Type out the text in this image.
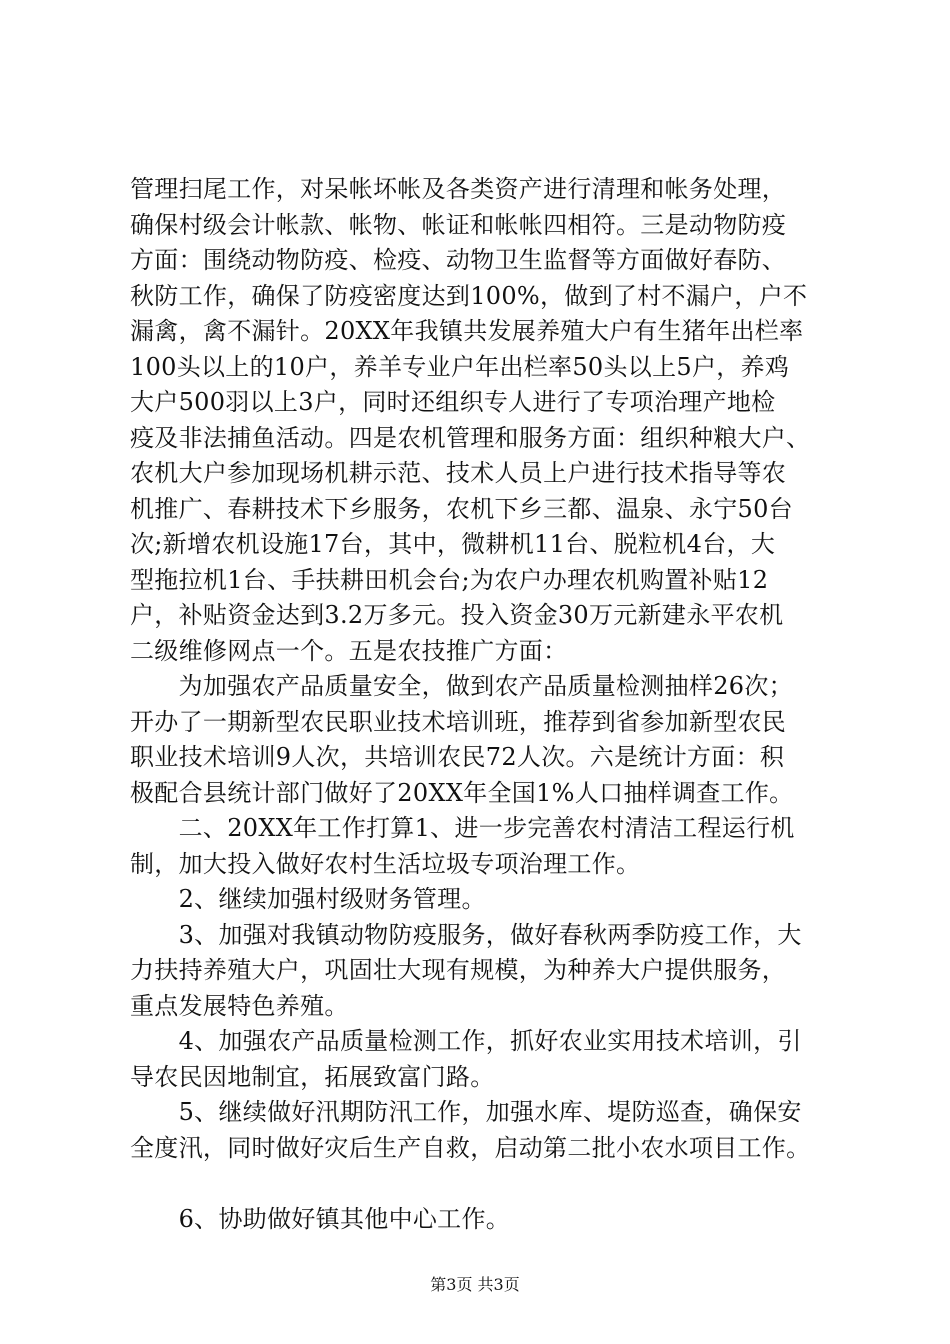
管理扫尾工作，对呆帐坏帐及各类资产进行清理和帐务处理，
确保村级会计帐款、帐物、帐证和帐帐四相符。三是动物防疫
方面：围绕动物防疫、检疫、动物卫生监督等方面做好春防、
秋防工作，确保了防疫密度达到100%，做到了村不漏户，户不
漏禽，禽不漏针。20XX年我镇共发展养殖大户有生猪年出栏率
100头以上的10户，养羊专业户年出栏率50头以上5户，养鸡
大户500羽以上3户，同时还组织专人进行了专项治理产地检
疫及非法捕鱼活动。四是农机管理和服务方面：组织种粮大户、
农机大户参加现场机耕示范、技术人员上户进行技术指导等农
机推广、春耕技术下乡服务，农机下乡三都、温泉、永宁50台
次;新增农机设施17台，其中，微耕机11台、脱粒机4台，大
型拖拉机1台、手扶耕田机会台;为农户办理农机购置补贴12
户，补贴资金达到3.2万多元。投入资金30万元新建永平农机
二级维修网点一个。五是农技推广方面：
　　为加强农产品质量安全，做到农产品质量检测抽样26次；
开办了一期新型农民职业技术培训班，推荐到省参加新型农民
职业技术培训9人次，共培训农民72人次。六是统计方面：积
极配合县统计部门做好了20XX年全国1%人口抽样调查工作。
　　二、20XX年工作打算1、进一步完善农村清洁工程运行机
制，加大投入做好农村生活垃圾专项治理工作。
　　2、继续加强村级财务管理。
　　3、加强对我镇动物防疫服务，做好春秋两季防疫工作，大
力扶持养殖大户，巩固壮大现有规模，为种养大户提供服务，
重点发展特色养殖。
　　4、加强农产品质量检测工作，抓好农业实用技术培训，引
导农民因地制宜，拓展致富门路。
　　5、继续做好汛期防汛工作，加强水库、堤防巡查，确保安
全度汛，同时做好灾后生产自救，启动第二批小农水项目工作。
　　6、协助做好镇其他中心工作。
第3页 共3页
